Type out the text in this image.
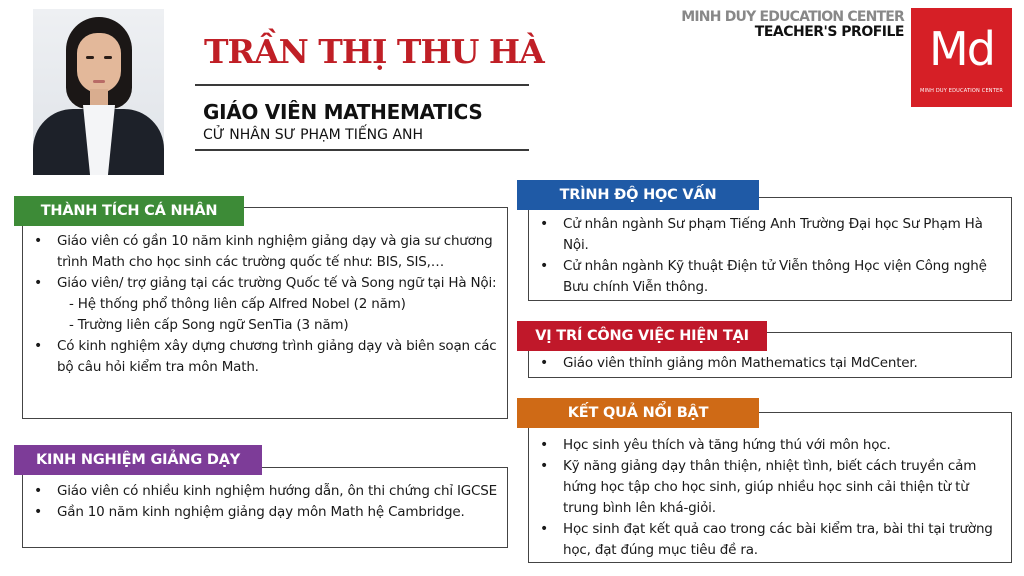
TRẦN THỊ THU HÀ
GIÁO VIÊN MATHEMATICS
CỬ NHÂN SƯ PHẠM TIẾNG ANH
MINH DUY EDUCATION CENTER
TEACHER'S PROFILE Md
MINH DUY EDUCATION CENTER
• Giáo viên có gần 10 năm kinh nghiệm giảng dạy và gia sư chương trình Math cho học sinh các trường quốc tế như: BIS, SIS,…
• Giáo viên/ trợ giảng tại các trường Quốc tế và Song ngữ tại Hà Nội:
- Hệ thống phổ thông liên cấp Alfred Nobel (2 năm)
- Trường liên cấp Song ngữ SenTia (3 năm)
• Có kinh nghiệm xây dựng chương trình giảng dạy và biên soạn các bộ câu hỏi kiểm tra môn Math.
THÀNH TÍCH CÁ NHÂN
• Giáo viên có nhiều kinh nghiệm hướng dẫn, ôn thi chứng chỉ IGCSE
• Gần 10 năm kinh nghiệm giảng dạy môn Math hệ Cambridge.
KINH NGHIỆM GIẢNG DẠY
• Cử nhân ngành Sư phạm Tiếng Anh Trường Đại học Sư Phạm Hà Nội.
• Cử nhân ngành Kỹ thuật Điện tử Viễn thông Học viện Công nghệ Bưu chính Viễn thông.
TRÌNH ĐỘ HỌC VẤN
• Giáo viên thỉnh giảng môn Mathematics tại MdCenter.
VỊ TRÍ CÔNG VIỆC HIỆN TẠI
• Học sinh yêu thích và tăng hứng thú với môn học.
• Kỹ năng giảng dạy thân thiện, nhiệt tình, biết cách truyền cảm hứng học tập cho học sinh, giúp nhiều học sinh cải thiện từ từ trung bình lên khá-giỏi.
• Học sinh đạt kết quả cao trong các bài kiểm tra, bài thi tại trường học, đạt đúng mục tiêu đề ra.
KẾT QUẢ NỔI BẬT
